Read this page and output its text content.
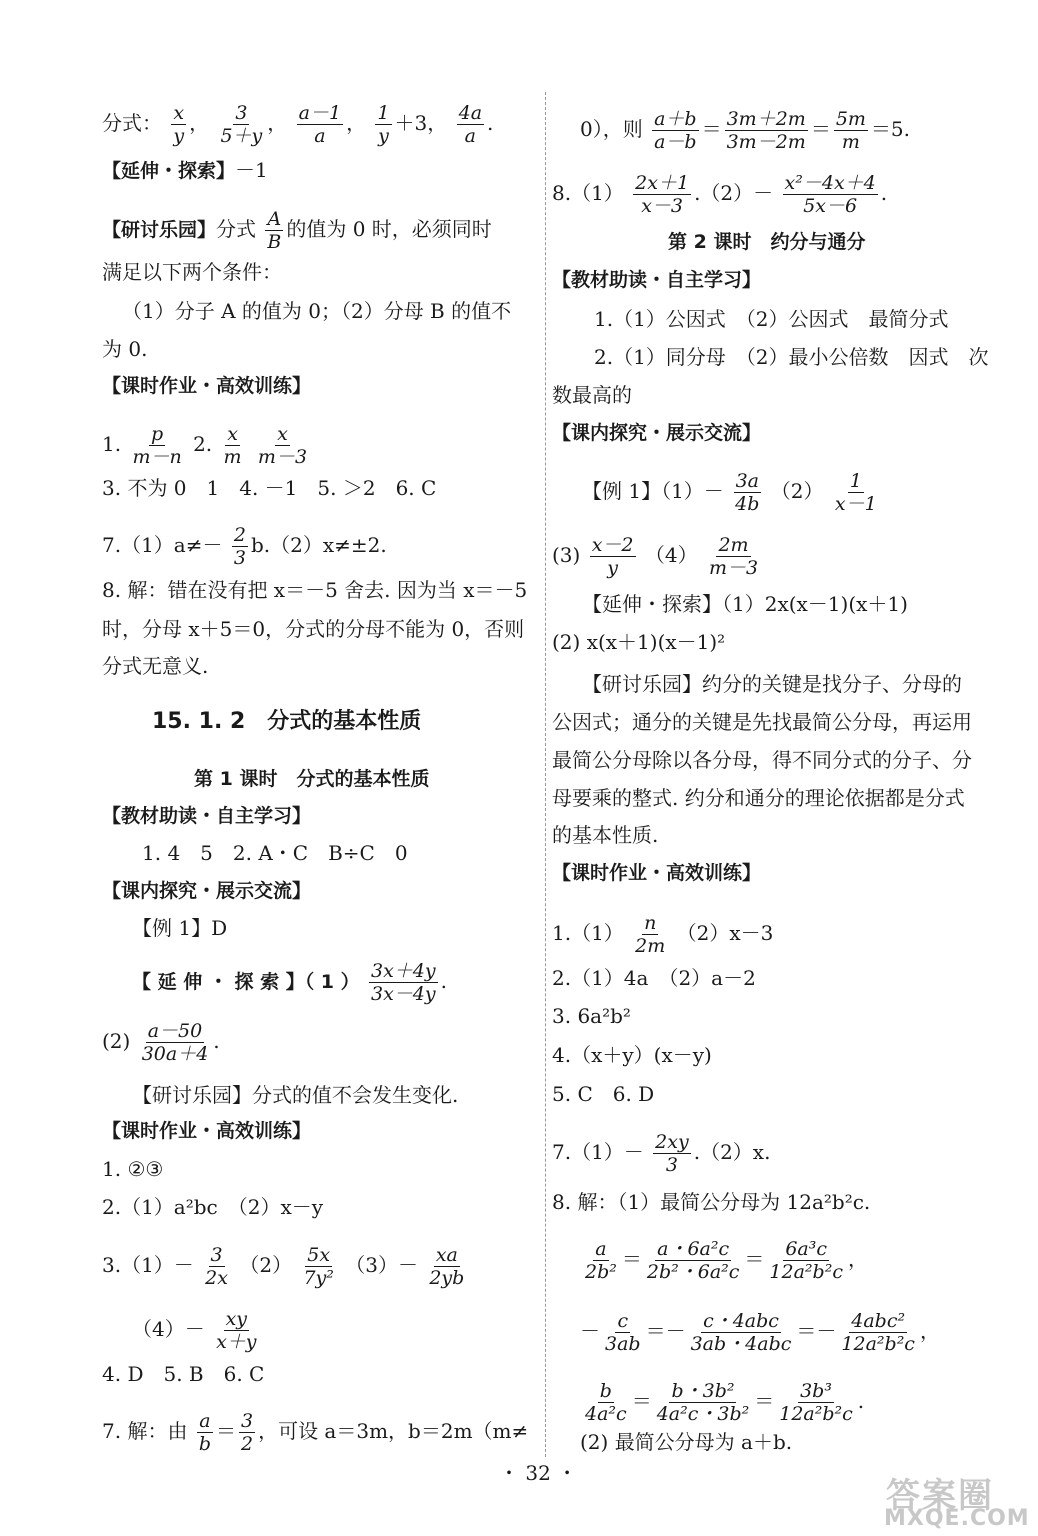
分式： $\frac{x}{y}$ ， $\frac{3}{5+y}$ ， $\frac{a-1}{a}$ ， $\frac{1}{y} +3$， $\frac{4a}{a}$ .
【延伸・探索】－1
【研讨乐园】分式 $\frac{A}{B}$ 的值为 0 时，必须同时
满足以下两个条件：
（1）分子 A 的值为 0；（2）分母 B 的值不
为 0.
【课时作业・高效训练】
1. $\frac{p}{m-n} 2$. $\frac{x}{m}$
$\frac{x}{m-3}$
3. 不为 0　1　4. －1　5. ＞2　6. C
$7.(1)a\ne- \frac{2}{3} b.(2)x\ne\pm 2$.
8. 解：错在没有把 x＝－5 舍去. 因为当 x＝－5
时，分母 x＋5＝0，分式的分母不能为 0，否则
分式无意义.
15. 1. 2　分式的基本性质
第 1 课时　分式的基本性质
【教材助读・自主学习】
1. 4　5　2. A・C　B÷C　0
【课内探究・展示交流】
【例 1】D
【 延 伸 ・ 探 索 】（ 1 ） $\frac{3x+4y}{3x-4y}$ .
$(2) \frac{a-50}{30a+4}$ .
【研讨乐园】分式的值不会发生变化.
【课时作业・高效训练】
1. ②③
2.（1）a²bc　（2）x－y
$3.(1)- \frac{3}{2x} (2) \frac{5x}{\text{7y²}} (3)- \frac{xa}{2yb}$
$(4)- \frac{xy}{x+y}$
4. D　5. B　6. C
7. 解：由 $\frac{a}{b} = \frac{3}{2}$ ，可设 a＝3m，b＝2m（m≠
0），则 $\frac{a+b}{a-b} = \frac{3m+2m}{3m-2m} = \frac{5m}{m} =5$.
$8.(1) \frac{2x+1}{x-3} .(2)- \frac{\text{x²－4x＋4}}{5x-6}$ .
第 2 课时　约分与通分
【教材助读・自主学习】
1.（1）公因式　（2）公因式　最简分式
2.（1）同分母　（2）最小公倍数　因式　次
数最高的
【课内探究・展示交流】
【例 1】$(1)- \frac{3a}{4b} (2) \frac{1}{x-1}$
$(3) \frac{x-2}{y} (4) \frac{2m}{m-3}$
【延伸・探索】（1）2x(x－1)(x＋1)
(2) x(x＋1)(x－1)²
【研讨乐园】约分的关键是找分子、分母的
公因式；通分的关键是先找最简公分母，再运用
最简公分母除以各分母，得不同分式的分子、分
母要乘的整式. 约分和通分的理论依据都是分式
的基本性质.
【课时作业・高效训练】
$1.(1) \frac{n}{2m} (2)x-3$
2.（1）4a　（2）a－2
3. 6a²b²
4.（x＋y）(x－y)
5. C　6. D
$7.(1)- \frac{2xy}{3} .(2)x$.
8. 解：（1）最简公分母为 12a²b²c.
$\frac{a}{\text{2b²}} = \frac{\text{a・6a²c}}{\text{2b²・6a²c}} = \frac{\text{6a³c}}{\text{12a²b²c}}$ ，
－ $\frac{c}{3ab} =- c$・4abc
3ab・4abc
＝－ 4abc²
12a²b²c
，
$\frac{b}{\text{4a²c}} = \frac{\text{b・3b²}}{\text{4a²c・3b²}} = \frac{\text{3b³}}{\text{12a²b²c}}$ .
(2) 最简公分母为 a＋b.
・ 32 ・
答案圈
MXQE.COM
